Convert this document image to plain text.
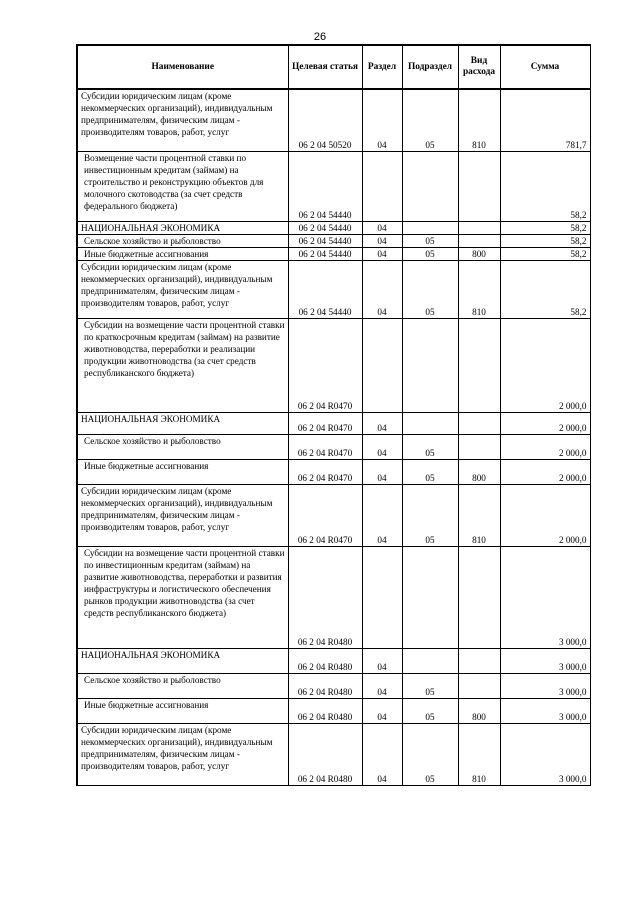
26
Наименование	Целевая статья	Раздел	Подраздел	Вид расхода	Сумма
Субсидии юридическим лицам (кроме некоммерческих организаций), индивидуальным предпринимателям, физическим лицам - производителям товаров, работ, услуг	06 2 04 50520	04	05	810	781,7
Возмещение части процентной ставки по инвестиционным кредитам (займам) на строительство и реконструкцию объектов для молочного скотоводства (за счет средств федерального бюджета)	06 2 04 54440				58,2
НАЦИОНАЛЬНАЯ ЭКОНОМИКА	06 2 04 54440	04			58,2
Сельское хозяйство и рыболовство	06 2 04 54440	04	05		58,2
Иные бюджетные ассигнования	06 2 04 54440	04	05	800	58,2
Субсидии юридическим лицам (кроме некоммерческих организаций), индивидуальным предпринимателям, физическим лицам - производителям товаров, работ, услуг	06 2 04 54440	04	05	810	58,2
Субсидии на возмещение части процентной ставки по краткосрочным кредитам (займам) на развитие животноводства, переработки и реализации продукции животноводства (за счет средств республиканского бюджета)	06 2 04 R0470				2 000,0
НАЦИОНАЛЬНАЯ ЭКОНОМИКА	06 2 04 R0470	04			2 000,0
Сельское хозяйство и рыболовство	06 2 04 R0470	04	05		2 000,0
Иные бюджетные ассигнования	06 2 04 R0470	04	05	800	2 000,0
Субсидии юридическим лицам (кроме некоммерческих организаций), индивидуальным предпринимателям, физическим лицам - производителям товаров, работ, услуг	06 2 04 R0470	04	05	810	2 000,0
Субсидии на возмещение части процентной ставки по инвестиционным кредитам (займам) на развитие животноводства, переработки и развития инфраструктуры и логистического обеспечения рынков продукции животноводства (за счет средств республиканского бюджета)	06 2 04 R0480				3 000,0
НАЦИОНАЛЬНАЯ ЭКОНОМИКА	06 2 04 R0480	04			3 000,0
Сельское хозяйство и рыболовство	06 2 04 R0480	04	05		3 000,0
Иные бюджетные ассигнования	06 2 04 R0480	04	05	800	3 000,0
Субсидии юридическим лицам (кроме некоммерческих организаций), индивидуальным предпринимателям, физическим лицам - производителям товаров, работ, услуг	06 2 04 R0480	04	05	810	3 000,0
